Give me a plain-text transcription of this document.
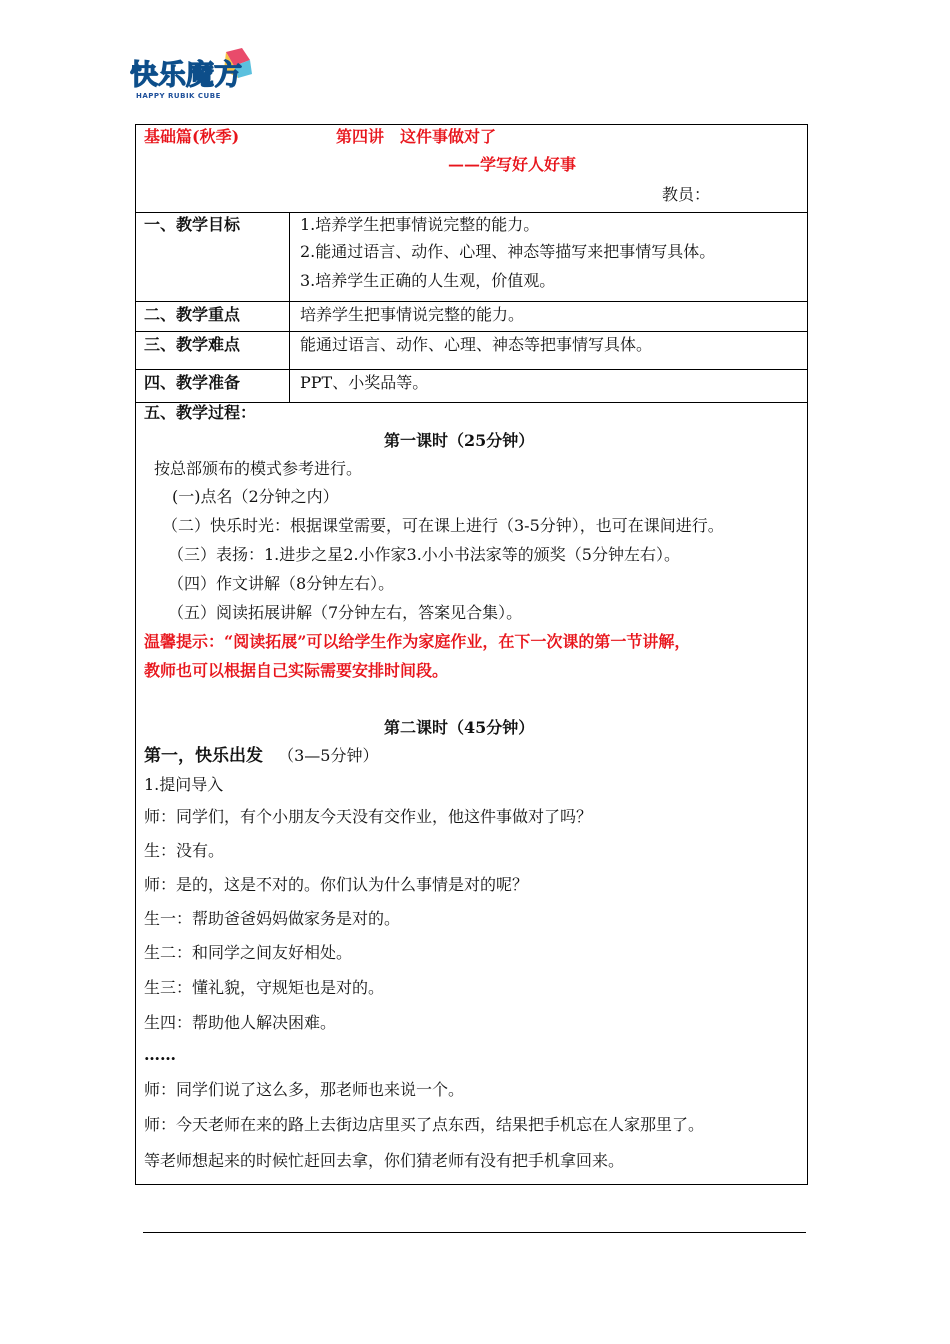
快乐魔方
HAPPY RUBIK CUBE
基础篇(秋季)	第四讲　这件事做对了
——学写好人好事
教员：
一、教学目标	1.培养学生把事情说完整的能力。
2.能通过语言、动作、心理、神态等描写来把事情写具体。
3.培养学生正确的人生观，价值观。
二、教学重点	培养学生把事情说完整的能力。
三、教学难点	能通过语言、动作、心理、神态等把事情写具体。
四、教学准备	PPT、小奖品等。
五、教学过程：
第一课时（25分钟）
按总部颁布的模式参考进行。
(一)点名（2分钟之内）
（二）快乐时光：根据课堂需要，可在课上进行（3-5分钟），也可在课间进行。
（三）表扬：1.进步之星2.小作家3.小小书法家等的颁奖（5分钟左右）。
（四）作文讲解（8分钟左右）。
（五）阅读拓展讲解（7分钟左右，答案见合集）。
温馨提示：“阅读拓展”可以给学生作为家庭作业，在下一次课的第一节讲解，
教师也可以根据自己实际需要安排时间段。
第二课时（45分钟）
第一，快乐出发 （3—5分钟）
1.提问导入
师：同学们，有个小朋友今天没有交作业，他这件事做对了吗？
生：没有。
师：是的，这是不对的。你们认为什么事情是对的呢？
生一：帮助爸爸妈妈做家务是对的。
生二：和同学之间友好相处。
生三：懂礼貌，守规矩也是对的。
生四：帮助他人解决困难。
……
师：同学们说了这么多，那老师也来说一个。
师：今天老师在来的路上去街边店里买了点东西，结果把手机忘在人家那里了。
等老师想起来的时候忙赶回去拿，你们猜老师有没有把手机拿回来。
